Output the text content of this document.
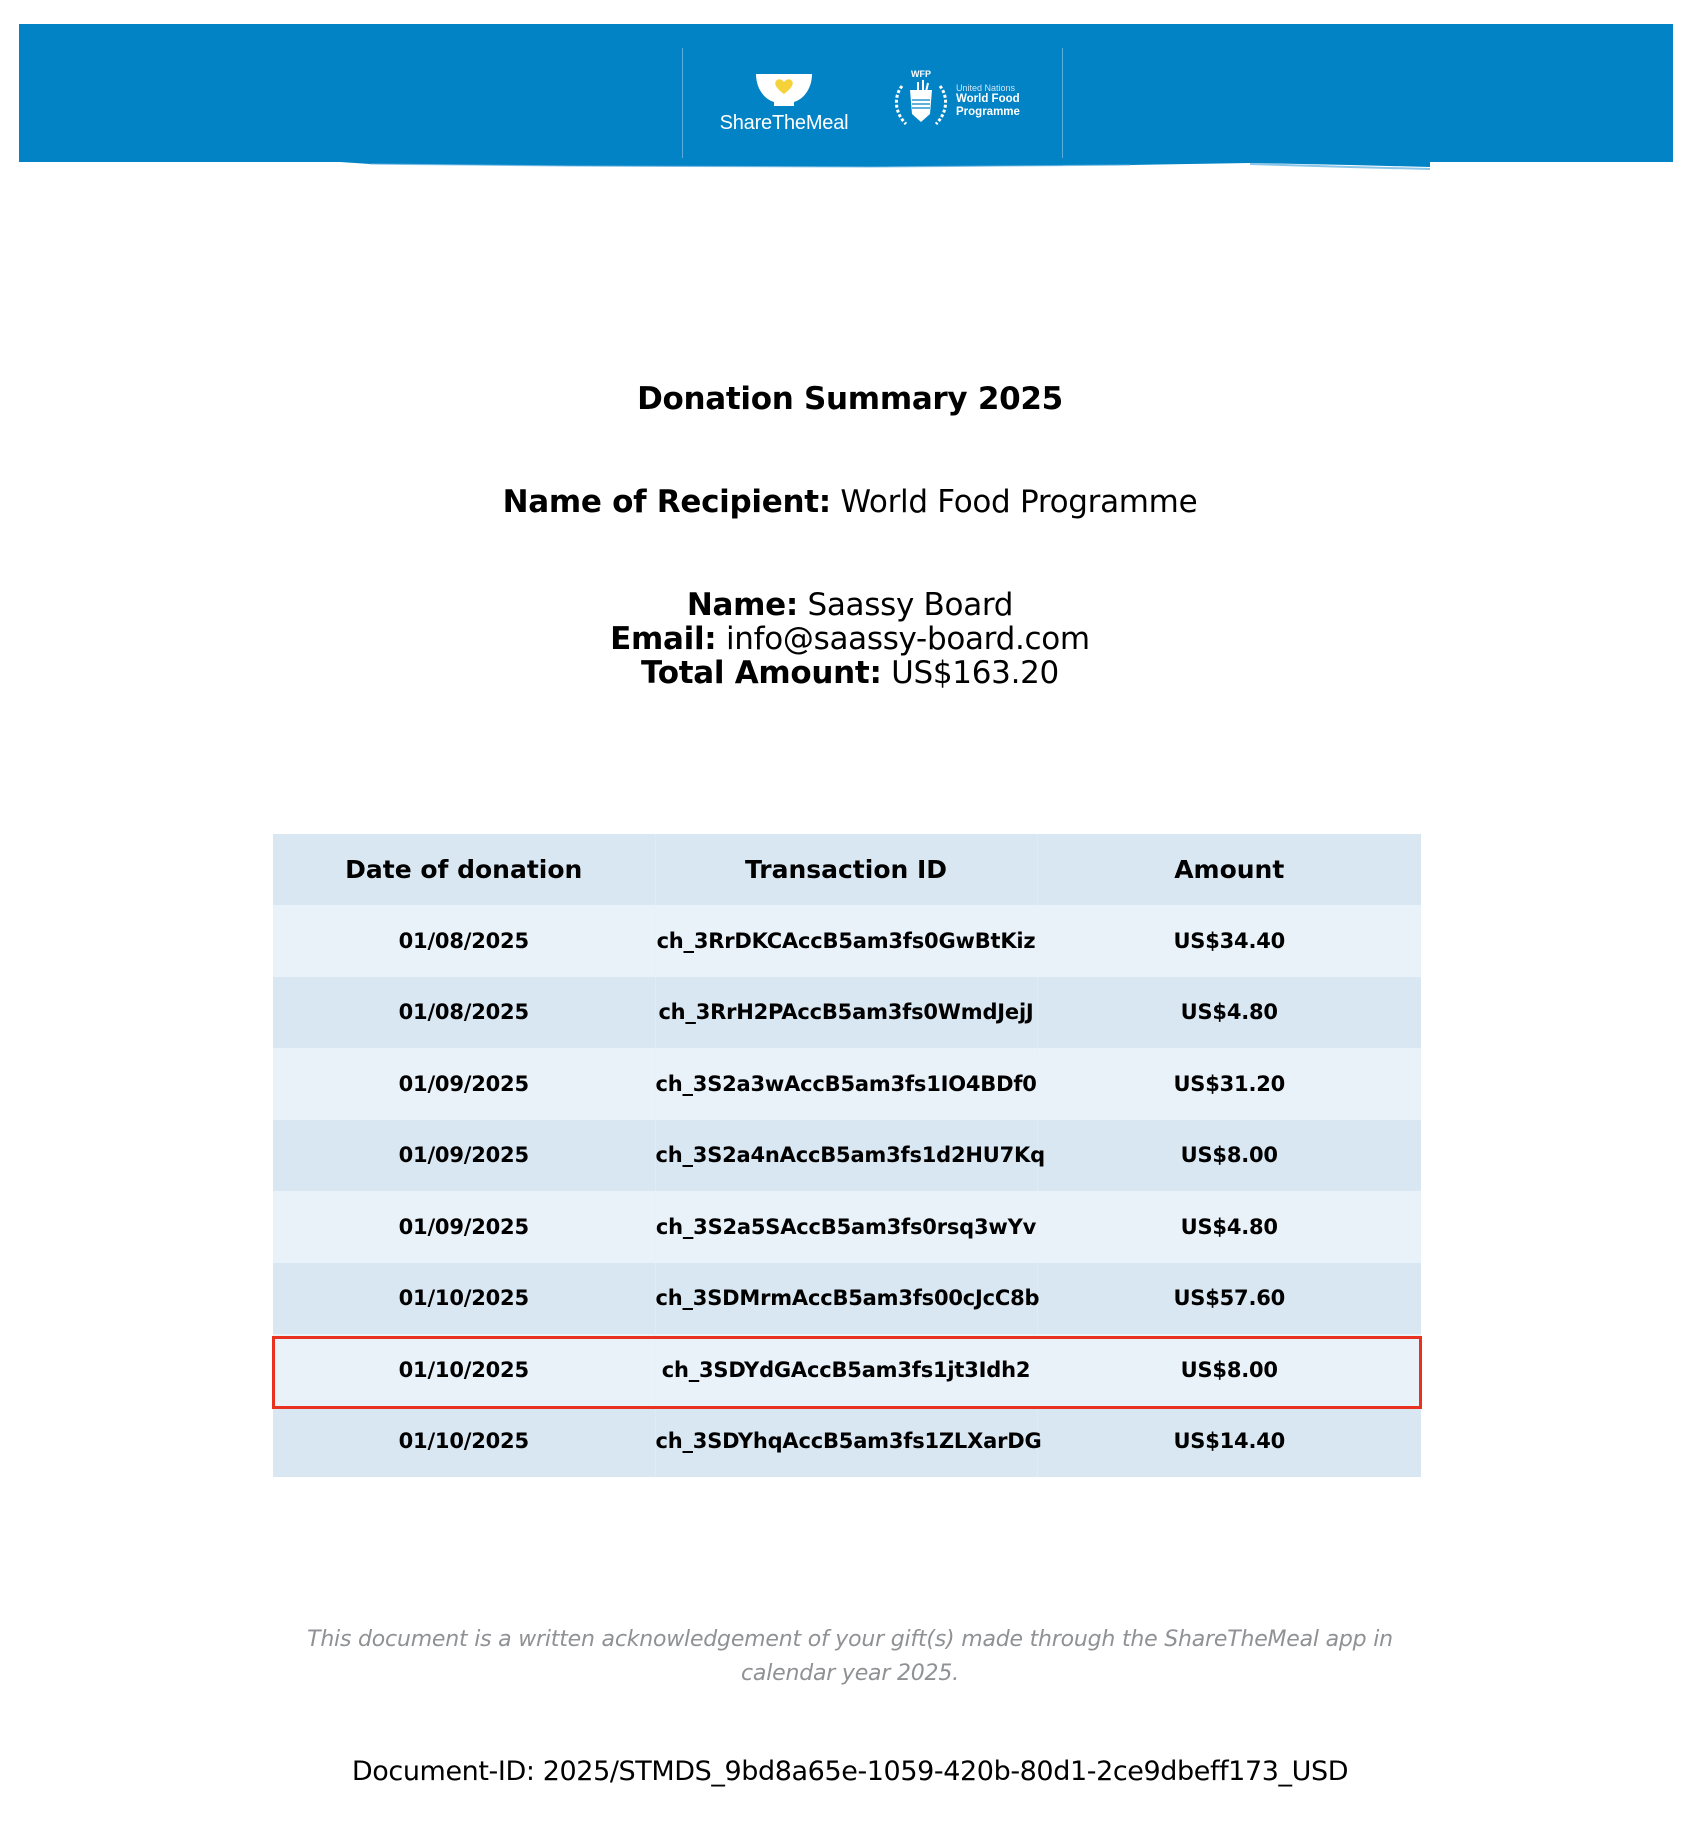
ShareTheMeal
WFP
United Nations
World Food
Programme
Donation Summary 2025
Name of Recipient: World Food Programme
Name: Saassy Board
Email: info@saassy-board.com
Total Amount: US$163.20
Date of donation	Transaction ID	Amount
01/08/2025	ch_3RrDKCAccB5am3fs0GwBtKiz	US$34.40
01/08/2025	ch_3RrH2PAccB5am3fs0WmdJejJ	US$4.80
01/09/2025	ch_3S2a3wAccB5am3fs1IO4BDf0	US$31.20
01/09/2025	ch_3S2a4nAccB5am3fs1d2HU7Kq	US$8.00
01/09/2025	ch_3S2a5SAccB5am3fs0rsq3wYv	US$4.80
01/10/2025	ch_3SDMrmAccB5am3fs00cJcC8b	US$57.60
01/10/2025	ch_3SDYdGAccB5am3fs1jt3Idh2	US$8.00
01/10/2025	ch_3SDYhqAccB5am3fs1ZLXarDG	US$14.40
This document is a written acknowledgement of your gift(s) made through the ShareTheMeal app in calendar year 2025.
Document-ID: 2025/STMDS_9bd8a65e-1059-420b-80d1-2ce9dbeff173_USD
